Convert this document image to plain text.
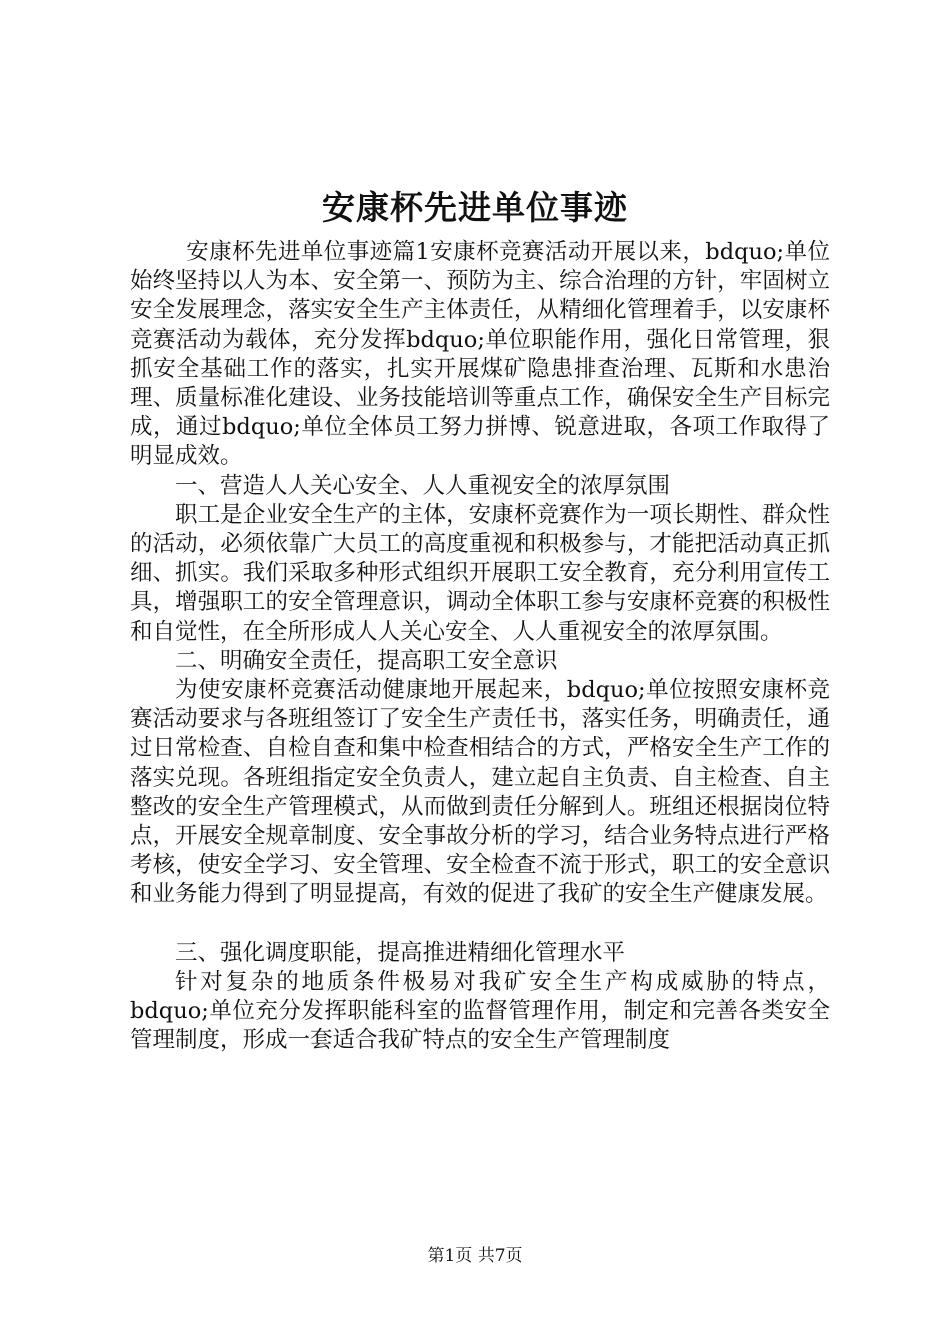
安康杯先进单位事迹

安康杯先进单位事迹篇1安康杯竞赛活动开展以来，bdquo;单位始终坚持以人为本、安全第一、预防为主、综合治理的方针，牢固树立安全发展理念，落实安全生产主体责任，从精细化管理着手，以安康杯竞赛活动为载体，充分发挥bdquo;单位职能作用，强化日常管理，狠抓安全基础工作的落实，扎实开展煤矿隐患排查治理、瓦斯和水患治理、质量标准化建设、业务技能培训等重点工作，确保安全生产目标完成，通过bdquo;单位全体员工努力拼博、锐意进取，各项工作取得了明显成效。

一、营造人人关心安全、人人重视安全的浓厚氛围

职工是企业安全生产的主体，安康杯竞赛作为一项长期性、群众性的活动，必须依靠广大员工的高度重视和积极参与，才能把活动真正抓细、抓实。我们采取多种形式组织开展职工安全教育，充分利用宣传工具，增强职工的安全管理意识，调动全体职工参与安康杯竞赛的积极性和自觉性，在全所形成人人关心安全、人人重视安全的浓厚氛围。

二、明确安全责任，提高职工安全意识

为使安康杯竞赛活动健康地开展起来，bdquo;单位按照安康杯竞赛活动要求与各班组签订了安全生产责任书，落实任务，明确责任，通过日常检查、自检自查和集中检查相结合的方式，严格安全生产工作的落实兑现。各班组指定安全负责人，建立起自主负责、自主检查、自主整改的安全生产管理模式，从而做到责任分解到人。班组还根据岗位特点，开展安全规章制度、安全事故分析的学习，结合业务特点进行严格考核，使安全学习、安全管理、安全检查不流于形式，职工的安全意识和业务能力得到了明显提高，有效的促进了我矿的安全生产健康发展。

三、强化调度职能，提高推进精细化管理水平

针对复杂的地质条件极易对我矿安全生产构成威胁的特点，bdquo;单位充分发挥职能科室的监督管理作用，制定和完善各类安全管理制度，形成一套适合我矿特点的安全生产管理制度

第1页 共7页
